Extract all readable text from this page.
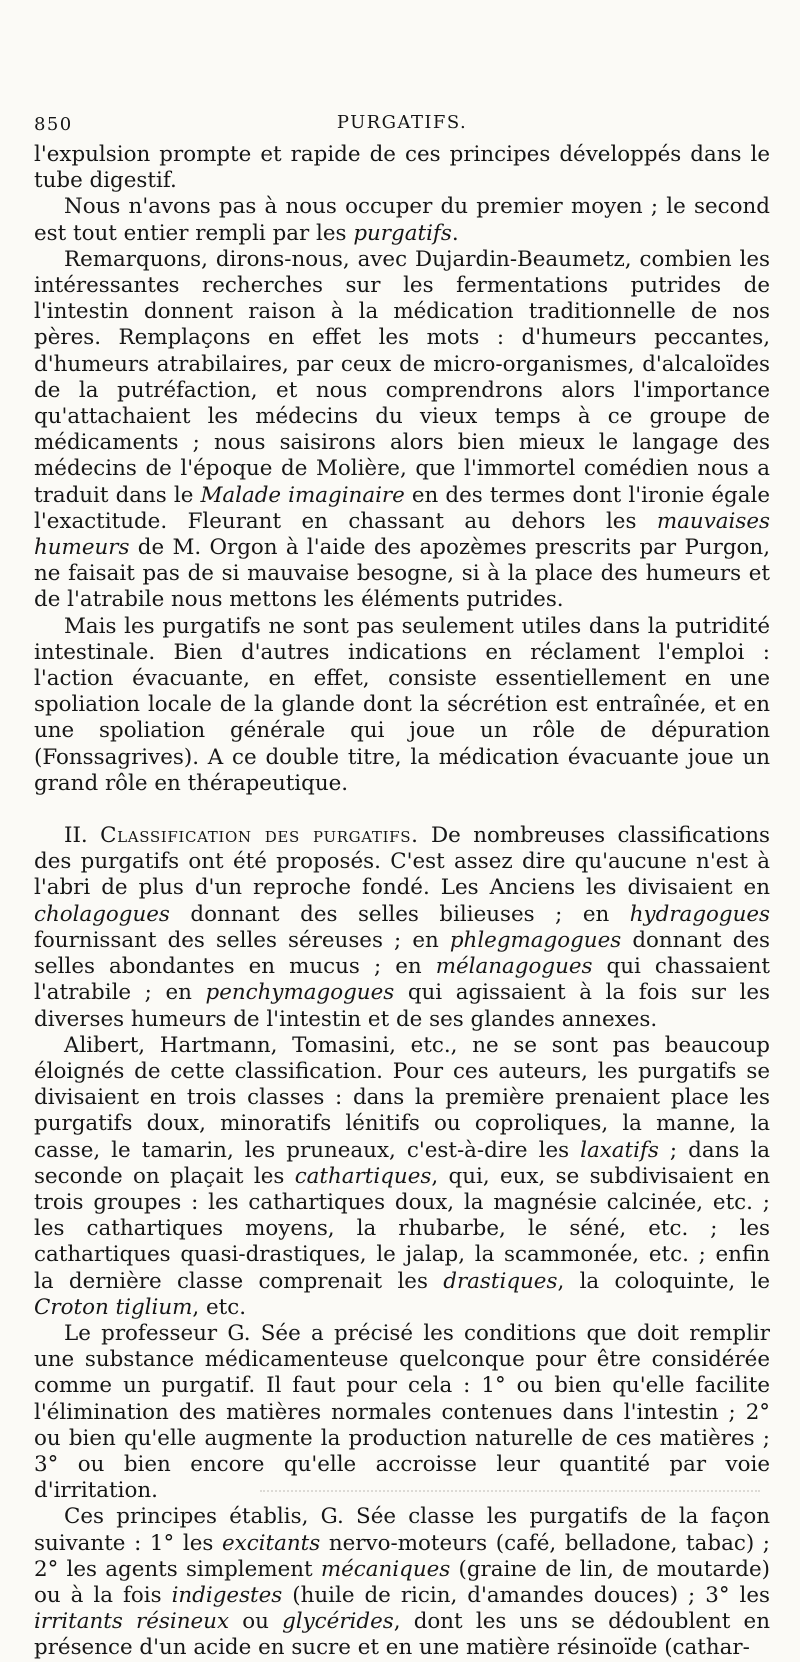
850	PURGATIFS.

l'expulsion prompte et rapide de ces principes développés dans le tube digestif.

Nous n'avons pas à nous occuper du premier moyen ; le second est tout entier rempli par les purgatifs.

Remarquons, dirons-nous, avec Dujardin-Beaumetz, combien les intéressantes recherches sur les fermentations putrides de l'intestin donnent raison à la médication traditionnelle de nos pères. Remplaçons en effet les mots : d'humeurs peccantes, d'humeurs atrabilaires, par ceux de micro-organismes, d'alcaloïdes de la putréfaction, et nous comprendrons alors l'importance qu'attachaient les médecins du vieux temps à ce groupe de médicaments ; nous saisirons alors bien mieux le langage des médecins de l'époque de Molière, que l'immortel comédien nous a traduit dans le Malade imaginaire en des termes dont l'ironie égale l'exactitude. Fleurant en chassant au dehors les mauvaises humeurs de M. Orgon à l'aide des apozèmes prescrits par Purgon, ne faisait pas de si mauvaise besogne, si à la place des humeurs et de l'atrabile nous mettons les éléments putrides.

Mais les purgatifs ne sont pas seulement utiles dans la putridité intestinale. Bien d'autres indications en réclament l'emploi : l'action évacuante, en effet, consiste essentiellement en une spoliation locale de la glande dont la sécrétion est entraînée, et en une spoliation générale qui joue un rôle de dépuration (Fonssagrives). A ce double titre, la médication évacuante joue un grand rôle en thérapeutique.

II. Classification des purgatifs. De nombreuses classifications des purgatifs ont été proposés. C'est assez dire qu'aucune n'est à l'abri de plus d'un reproche fondé. Les Anciens les divisaient en cholagogues donnant des selles bilieuses ; en hydragogues fournissant des selles séreuses ; en phlegmagogues donnant des selles abondantes en mucus ; en mélanagogues qui chassaient l'atrabile ; en penchymagogues qui agissaient à la fois sur les diverses humeurs de l'intestin et de ses glandes annexes.

Alibert, Hartmann, Tomasini, etc., ne se sont pas beaucoup éloignés de cette classification. Pour ces auteurs, les purgatifs se divisaient en trois classes : dans la première prenaient place les purgatifs doux, minoratifs lénitifs ou coproliques, la manne, la casse, le tamarin, les pruneaux, c'est-à-dire les laxatifs ; dans la seconde on plaçait les cathartiques, qui, eux, se subdivisaient en trois groupes : les cathartiques doux, la magnésie calcinée, etc. ; les cathartiques moyens, la rhubarbe, le séné, etc. ; les cathartiques quasi-drastiques, le jalap, la scammonée, etc. ; enfin la dernière classe comprenait les drastiques, la coloquinte, le Croton tiglium, etc.

Le professeur G. Sée a précisé les conditions que doit remplir une substance médicamenteuse quelconque pour être considérée comme un purgatif. Il faut pour cela : 1° ou bien qu'elle facilite l'élimination des matières normales contenues dans l'intestin ; 2° ou bien qu'elle augmente la production naturelle de ces matières ; 3° ou bien encore qu'elle accroisse leur quantité par voie d'irritation.

Ces principes établis, G. Sée classe les purgatifs de la façon suivante : 1° les excitants nervo-moteurs (café, belladone, tabac) ; 2° les agents simplement mécaniques (graine de lin, de moutarde) ou à la fois indigestes (huile de ricin, d'amandes douces) ; 3° les irritants résineux ou glycérides, dont les uns se dédoublent en présence d'un acide en sucre et en une matière résinoïde (cathar-
